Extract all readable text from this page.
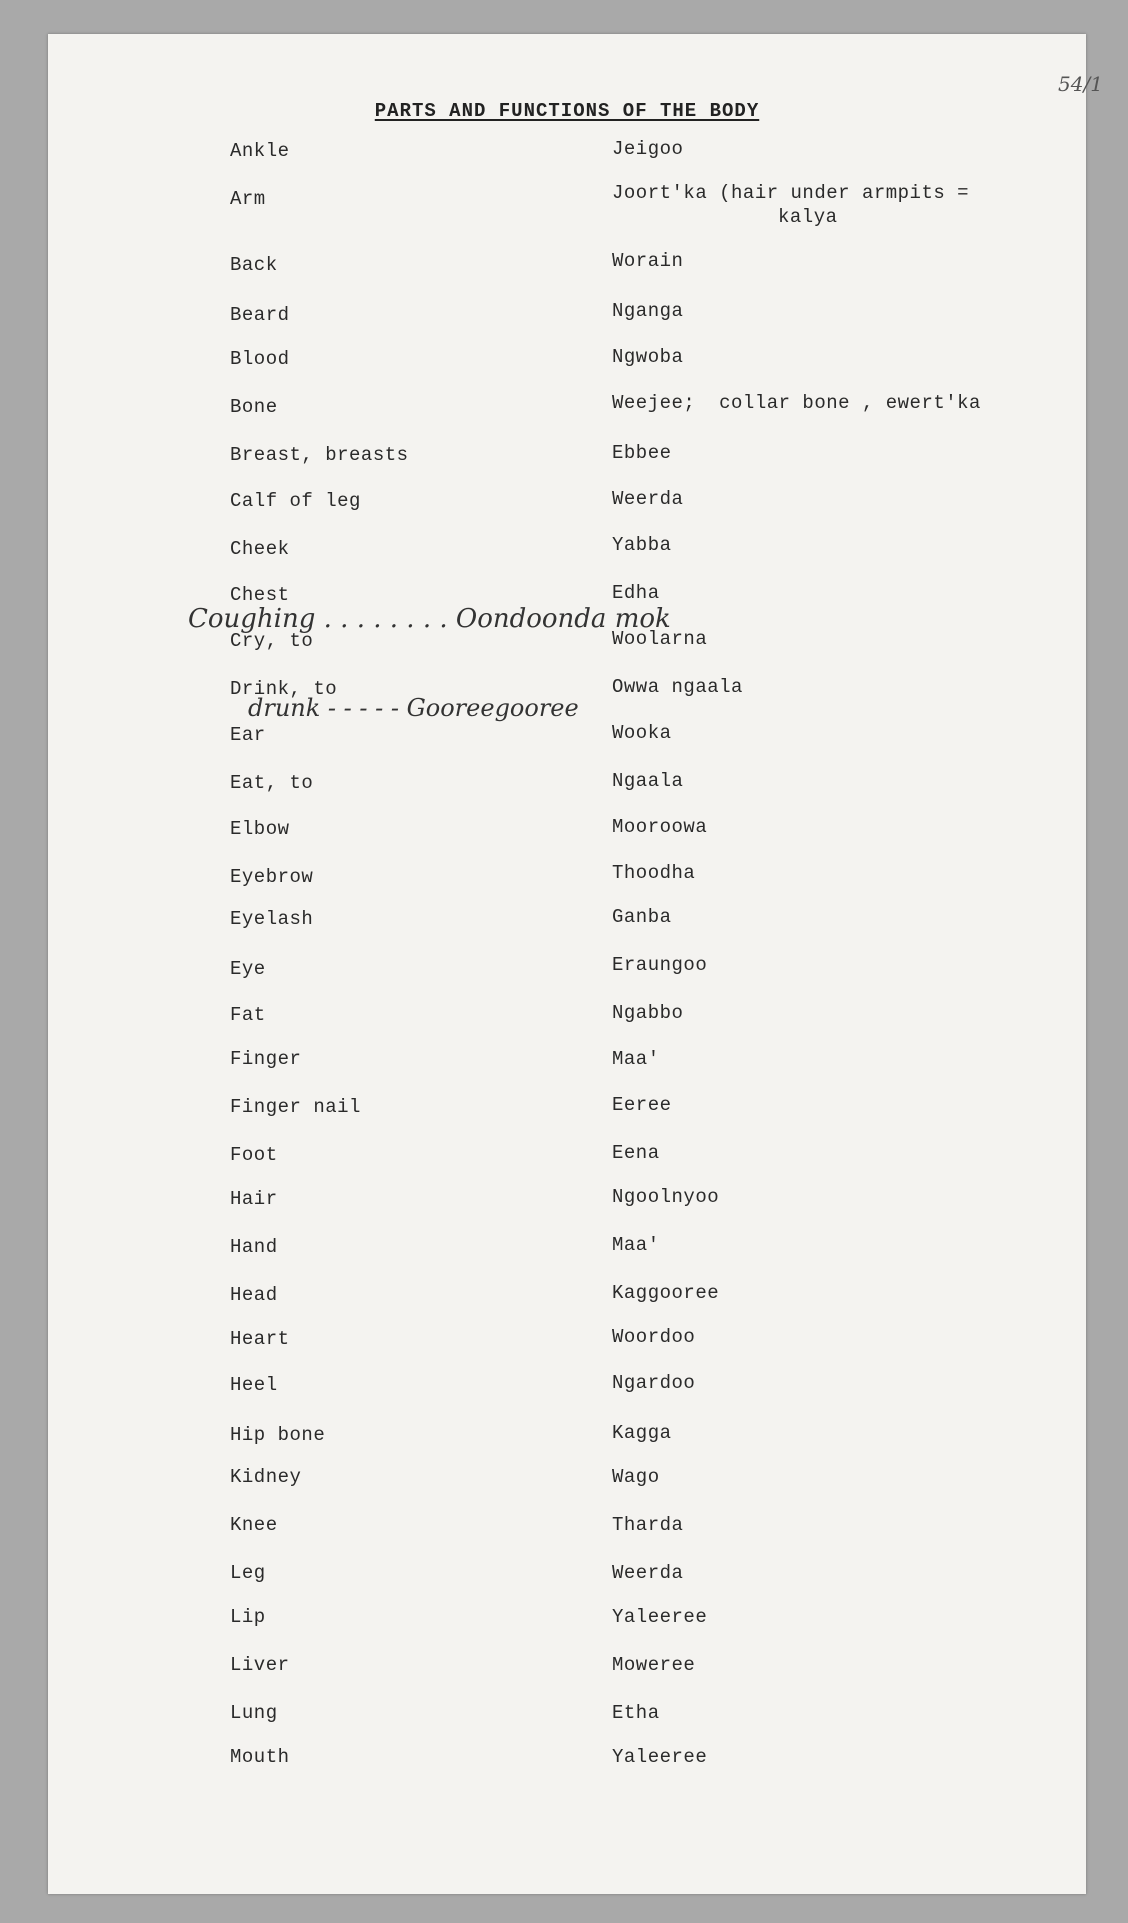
54/1
PARTS AND FUNCTIONS OF THE BODY
Ankle	Jeigoo
Arm	Joort'ka (hair under armpits =
kalya
Back	Worain
Beard	Nganga
Blood	Ngwoba
Bone	Weejee;  collar bone , ewert'ka
Breast, breasts	Ebbee
Calf of leg	Weerda
Cheek	Yabba
Chest	Edha
Coughing . . . . . . . . Oondoonda mok
Cry, to	Woolarna
Drink, to	Owwa ngaala
drunk - - - - - Gooreegooree
Ear	Wooka
Eat, to	Ngaala
Elbow	Mooroowa
Eyebrow	Thoodha
Eyelash	Ganba
Eye	Eraungoo
Fat	Ngabbo
Finger	Maa'
Finger nail	Eeree
Foot	Eena
Hair	Ngoolnyoo
Hand	Maa'
Head	Kaggooree
Heart	Woordoo
Heel	Ngardoo
Hip bone	Kagga
Kidney	Wago
Knee	Tharda
Leg	Weerda
Lip	Yaleeree
Liver	Moweree
Lung	Etha
Mouth	Yaleeree
